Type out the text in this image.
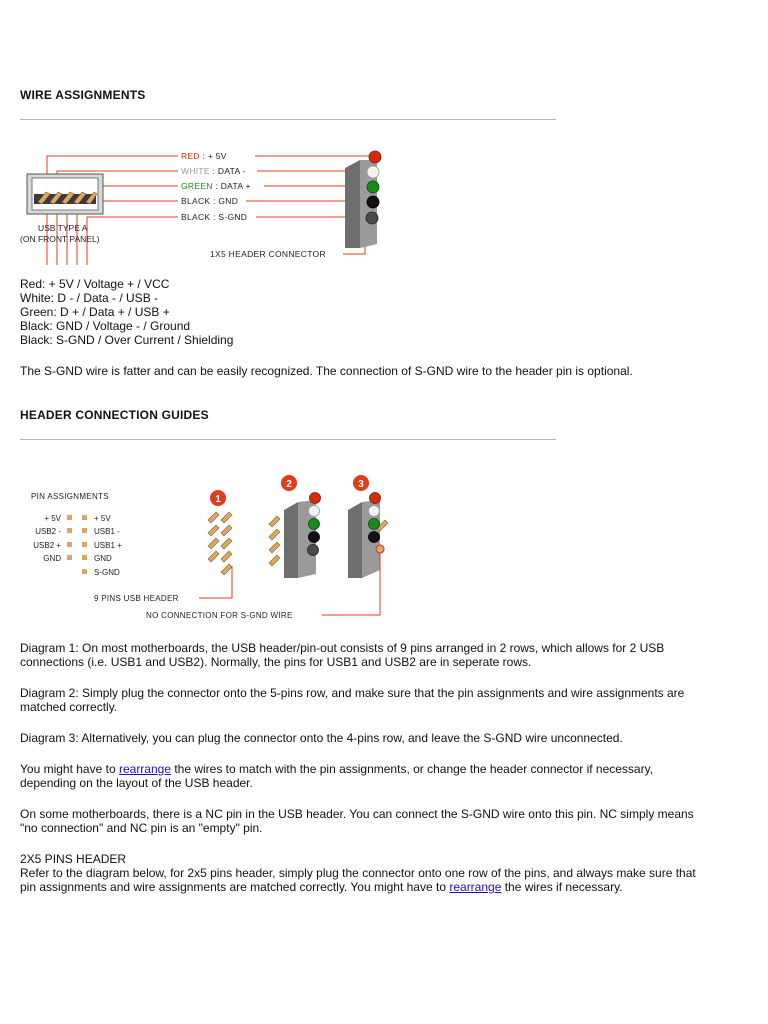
WIRE ASSIGNMENTS
RED : + 5V
WHITE : DATA -
GREEN : DATA +
BLACK : GND
BLACK : S-GND
USB TYPE A
(ON FRONT PANEL)
1X5 HEADER CONNECTOR

Red: + 5V / Voltage + / VCC
White: D - / Data - / USB -
Green: D + / Data + / USB +
Black: GND / Voltage - / Ground
Black: S-GND / Over Current / Shielding

The S-GND wire is fatter and can be easily recognized. The connection of S-GND wire to the header pin is optional.

HEADER CONNECTION GUIDES
PIN ASSIGNMENTS
+ 5V
USB2 -
USB2 +
GND
+ 5V
USB1 -
USB1 +
GND
S-GND
1
2	3
9 PINS USB HEADER
NO CONNECTION FOR S-GND WIRE

Diagram 1: On most motherboards, the USB header/pin-out consists of 9 pins arranged in 2 rows, which allows for 2 USB
connections (i.e. USB1 and USB2). Normally, the pins for USB1 and USB2 are in seperate rows.

Diagram 2: Simply plug the connector onto the 5-pins row, and make sure that the pin assignments and wire assignments are
matched correctly.

Diagram 3: Alternatively, you can plug the connector onto the 4-pins row, and leave the S-GND wire unconnected.

You might have to rearrange the wires to match with the pin assignments, or change the header connector if necessary,
depending on the layout of the USB header.

On some motherboards, there is a NC pin in the USB header. You can connect the S-GND wire onto this pin. NC simply means
"no connection" and NC pin is an "empty" pin.

2X5 PINS HEADER
Refer to the diagram below, for 2x5 pins header, simply plug the connector onto one row of the pins, and always make sure that
pin assignments and wire assignments are matched correctly. You might have to rearrange the wires if necessary.
